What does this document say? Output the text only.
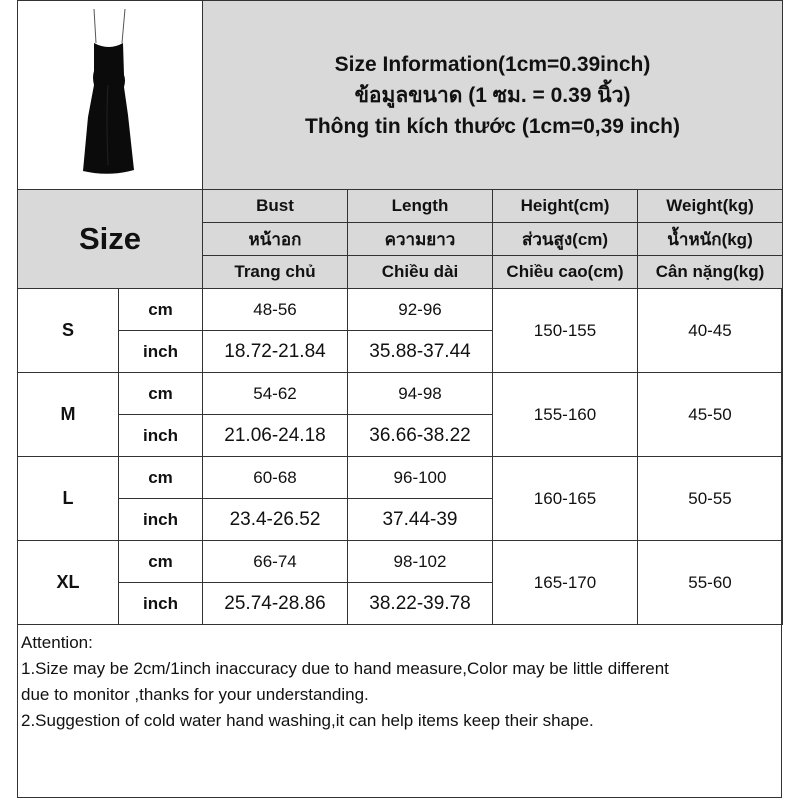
Size Information(1cm=0.39inch)
ข้อมูลขนาด (1 ซม. = 0.39 นิ้ว)
Thông tin kích thước (1cm=0,39 inch)			

Size		Bust	Length	Height(cm)	Weight(kg)
		หน้าอก	ความยาว	ส่วนสูง(cm)	น้ำหนัก(kg)
		Trang chủ	Chiều dài	Chiều cao(cm)	Cân nặng(kg)
S	cm	48-56	92-96	150-155	40-45
	inch	18.72-21.84	35.88-37.44		
M	cm	54-62	94-98	155-160	45-50
	inch	21.06-24.18	36.66-38.22		
L	cm	60-68	96-100	160-165	50-55
	inch	23.4-26.52	37.44-39		
XL	cm	66-74	98-102	165-170	55-60
	inch	25.74-28.86	38.22-39.78		
Attention:
1.Size may be 2cm/1inch inaccuracy due to hand measure,Color may be little different
due to monitor ,thanks for your understanding.
2.Suggestion of cold water hand washing,it can help items keep their shape.
